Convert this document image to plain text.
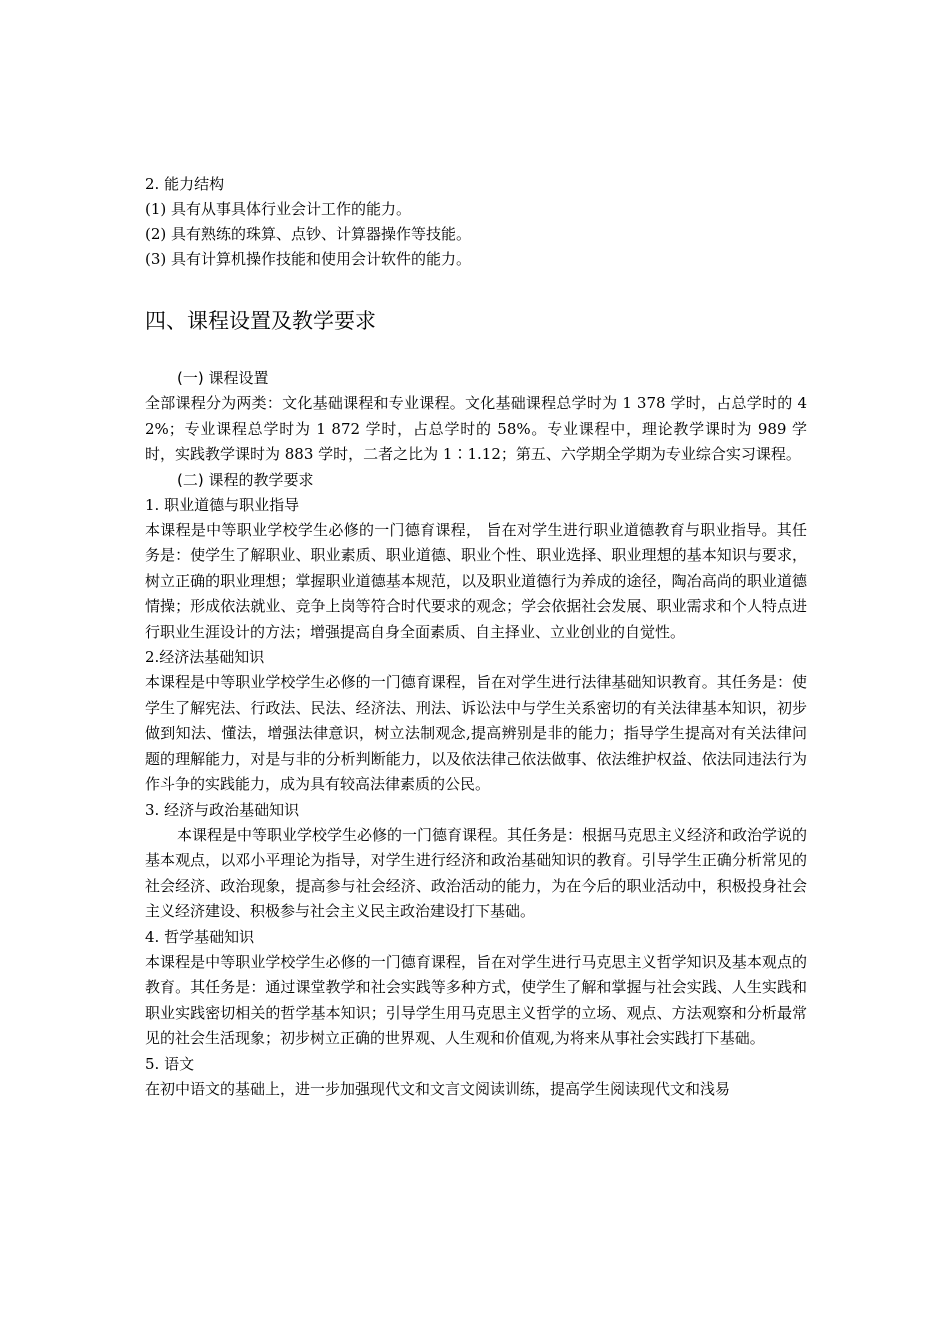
2. 能力结构
(1) 具有从事具体行业会计工作的能力。
(2) 具有熟练的珠算、点钞、计算器操作等技能。
(3) 具有计算机操作技能和使用会计软件的能力。
四、课程设置及教学要求
(一) 课程设置
全部课程分为两类：文化基础课程和专业课程。文化基础课程总学时为 1 378 学时，占总学时的 42%；专业课程总学时为 1 872 学时，占总学时的 58%。专业课程中，理论教学课时为 989 学时，实践教学课时为 883 学时，二者之比为 1∶1.12；第五、六学期全学期为专业综合实习课程。
(二) 课程的教学要求
1. 职业道德与职业指导
本课程是中等职业学校学生必修的一门德育课程， 旨在对学生进行职业道德教育与职业指导。其任务是：使学生了解职业、职业素质、职业道德、职业个性、职业选择、职业理想的基本知识与要求，树立正确的职业理想；掌握职业道德基本规范，以及职业道德行为养成的途径，陶冶高尚的职业道德情操；形成依法就业、竞争上岗等符合时代要求的观念；学会依据社会发展、职业需求和个人特点进行职业生涯设计的方法；增强提高自身全面素质、自主择业、立业创业的自觉性。
2.经济法基础知识
本课程是中等职业学校学生必修的一门德育课程，旨在对学生进行法律基础知识教育。其任务是：使学生了解宪法、行政法、民法、经济法、刑法、诉讼法中与学生关系密切的有关法律基本知识，初步做到知法、懂法，增强法律意识，树立法制观念,提高辨别是非的能力；指导学生提高对有关法律问题的理解能力，对是与非的分析判断能力，以及依法律己依法做事、依法维护权益、依法同违法行为作斗争的实践能力，成为具有较高法律素质的公民。
3. 经济与政治基础知识
本课程是中等职业学校学生必修的一门德育课程。其任务是：根据马克思主义经济和政治学说的基本观点，以邓小平理论为指导，对学生进行经济和政治基础知识的教育。引导学生正确分析常见的社会经济、政治现象，提高参与社会经济、政治活动的能力，为在今后的职业活动中，积极投身社会主义经济建设、积极参与社会主义民主政治建设打下基础。
4. 哲学基础知识
本课程是中等职业学校学生必修的一门德育课程，旨在对学生进行马克思主义哲学知识及基本观点的教育。其任务是：通过课堂教学和社会实践等多种方式，使学生了解和掌握与社会实践、人生实践和职业实践密切相关的哲学基本知识；引导学生用马克思主义哲学的立场、观点、方法观察和分析最常见的社会生活现象；初步树立正确的世界观、人生观和价值观,为将来从事社会实践打下基础。
5. 语文
在初中语文的基础上，进一步加强现代文和文言文阅读训练，提高学生阅读现代文和浅易
